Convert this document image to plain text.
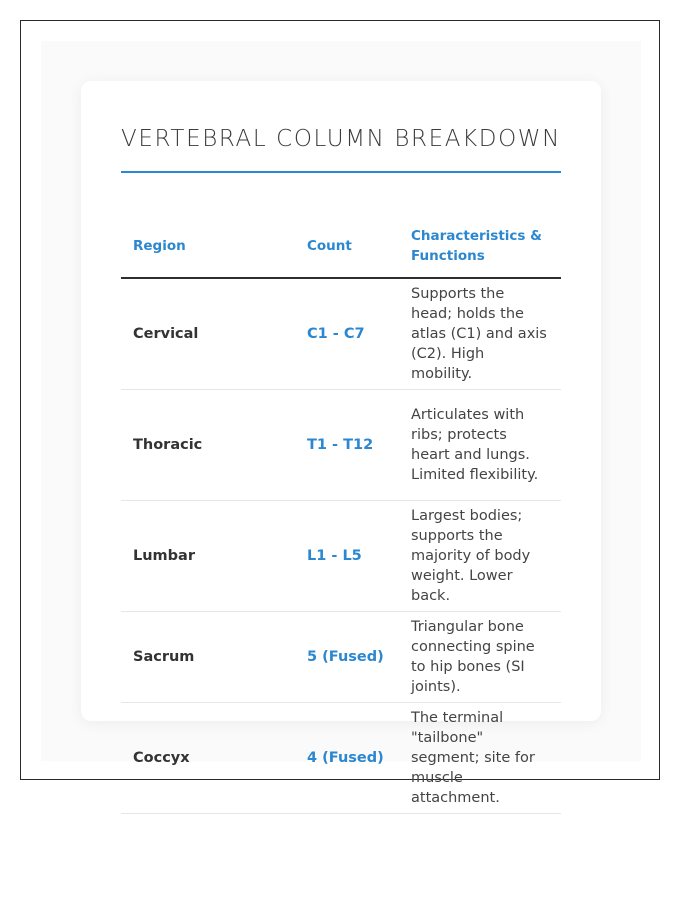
VERTEBRAL COLUMN BREAKDOWN
Region	Count	Characteristics & Functions
Cervical	C1 - C7	Supports the head; holds the atlas (C1) and axis (C2). High mobility.
Thoracic	T1 - T12	Articulates with ribs; protects heart and lungs. Limited flexibility.
Lumbar	L1 - L5	Largest bodies; supports the majority of body weight. Lower back.
Sacrum	5 (Fused)	Triangular bone connecting spine to hip bones (SI joints).
Coccyx	4 (Fused)	The terminal "tailbone" segment; site for muscle attachment.
